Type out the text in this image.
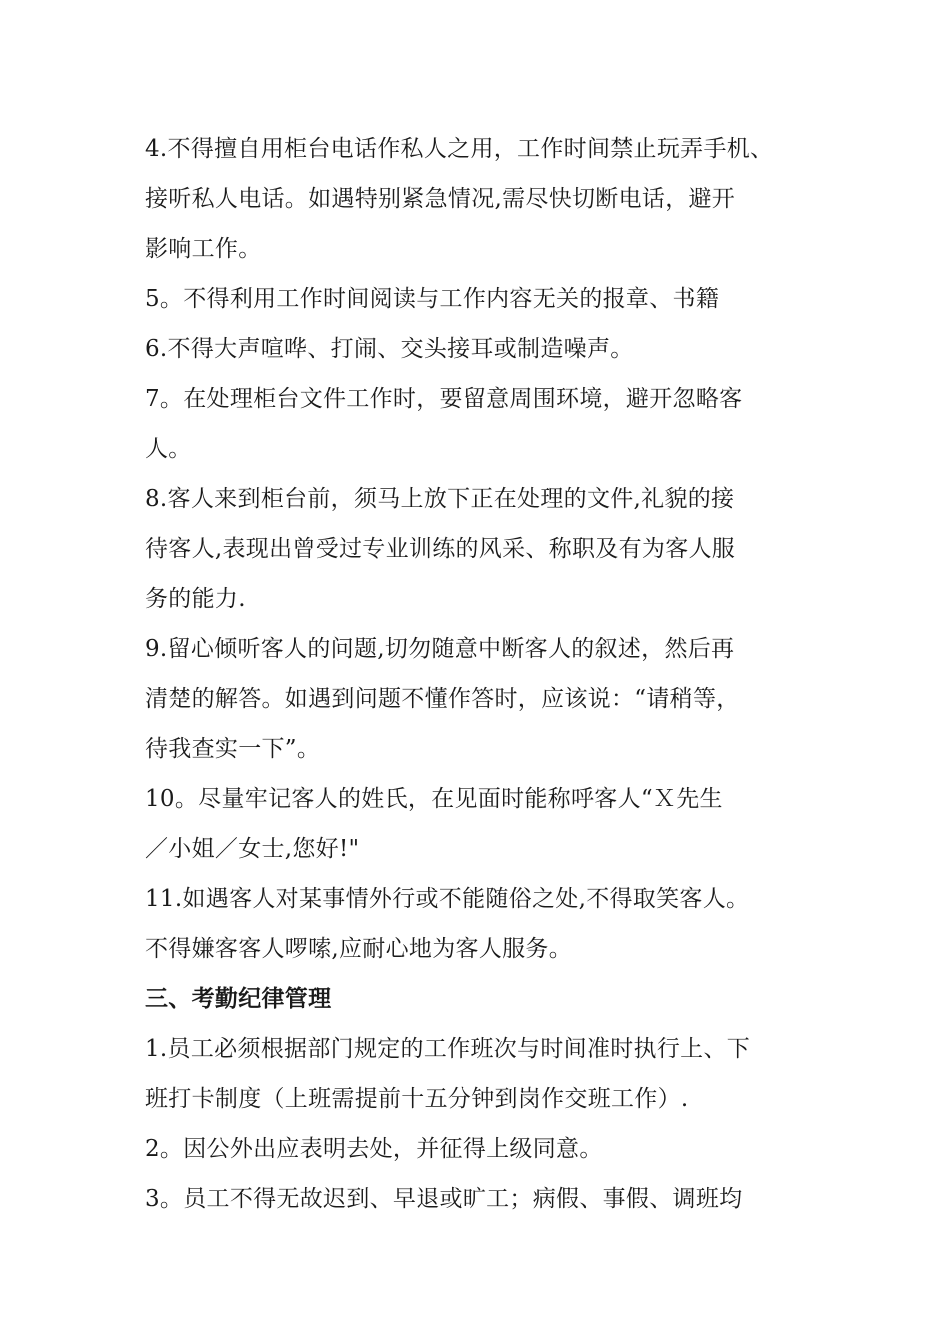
4.不得擅自用柜台电话作私人之用，工作时间禁止玩弄手机、
接听私人电话。如遇特别紧急情况,需尽快切断电话，避开
影响工作。
5。不得利用工作时间阅读与工作内容无关的报章、书籍
6.不得大声喧哗、打闹、交头接耳或制造噪声。
7。在处理柜台文件工作时，要留意周围环境，避开忽略客
人。
8.客人来到柜台前，须马上放下正在处理的文件,礼貌的接
待客人,表现出曾受过专业训练的风采、称职及有为客人服
务的能力.
9.留心倾听客人的问题,切勿随意中断客人的叙述，然后再
清楚的解答。如遇到问题不懂作答时，应该说：“请稍等，
待我查实一下”。
10。尽量牢记客人的姓氏，在见面时能称呼客人“Ｘ先生
／小姐／女士,您好!"
11.如遇客人对某事情外行或不能随俗之处,不得取笑客人。
不得嫌客客人啰嗦,应耐心地为客人服务。
三、考勤纪律管理
1.员工必须根据部门规定的工作班次与时间准时执行上、下
班打卡制度（上班需提前十五分钟到岗作交班工作）.
2。因公外出应表明去处，并征得上级同意。
3。员工不得无故迟到、早退或旷工；病假、事假、调班均
